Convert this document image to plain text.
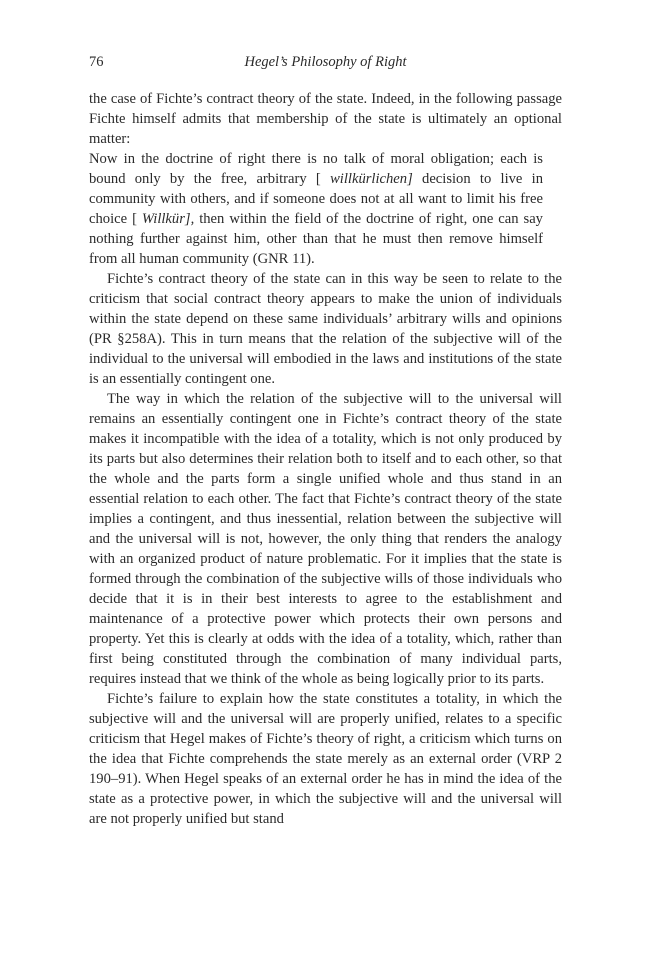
76	Hegel’s Philosophy of Right

the case of Fichte’s contract theory of the state. Indeed, in the following passage Fichte himself admits that membership of the state is ultimately an optional matter:

Now in the doctrine of right there is no talk of moral obligation; each is bound only by the free, arbitrary [ willkürlichen] decision to live in community with others, and if someone does not at all want to limit his free choice [ Willkür], then within the field of the doctrine of right, one can say nothing further against him, other than that he must then remove himself from all human community (GNR 11).

Fichte’s contract theory of the state can in this way be seen to relate to the criticism that social contract theory appears to make the union of individuals within the state depend on these same individuals’ arbitrary wills and opinions (PR §258A). This in turn means that the relation of the subjective will of the individual to the universal will embodied in the laws and institutions of the state is an essentially contingent one.

The way in which the relation of the subjective will to the universal will remains an essentially contingent one in Fichte’s contract theory of the state makes it incompatible with the idea of a totality, which is not only produced by its parts but also determines their relation both to itself and to each other, so that the whole and the parts form a single unified whole and thus stand in an essential relation to each other. The fact that Fichte’s contract theory of the state implies a contingent, and thus inessential, relation between the subjective will and the universal will is not, however, the only thing that renders the analogy with an organized product of nature problematic. For it implies that the state is formed through the combination of the subjective wills of those individuals who decide that it is in their best interests to agree to the establishment and maintenance of a protective power which protects their own persons and property. Yet this is clearly at odds with the idea of a totality, which, rather than first being constituted through the combination of many individual parts, requires instead that we think of the whole as being logically prior to its parts.

Fichte’s failure to explain how the state constitutes a totality, in which the subjective will and the universal will are properly unified, relates to a specific criticism that Hegel makes of Fichte’s theory of right, a criticism which turns on the idea that Fichte comprehends the state merely as an external order (VRP 2 190–91). When Hegel speaks of an external order he has in mind the idea of the state as a protective power, in which the subjective will and the universal will are not properly unified but stand
